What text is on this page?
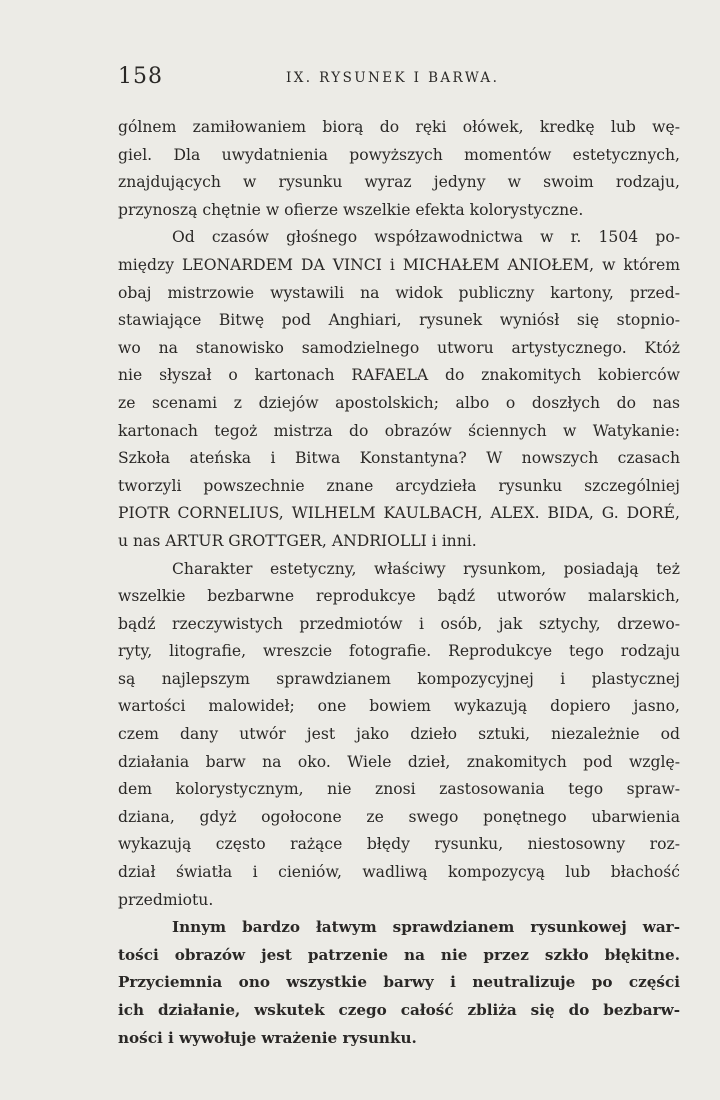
158	IX. RYSUNEK I BARWA.
gólnem zamiłowaniem biorą do ręki ołówek, kredkę lub wę-
giel. Dla uwydatnienia powyższych momentów estetycznych,
znajdujących w rysunku wyraz jedyny w swoim rodzaju,
przynoszą chętnie w ofierze wszelkie efekta kolorystyczne.
Od czasów głośnego współzawodnictwa w r. 1504 po-
między LEONARDEM DA VINCI i MICHAŁEM ANIOŁEM, w którem
obaj mistrzowie wystawili na widok publiczny kartony, przed-
stawiające Bitwę pod Anghiari, rysunek wyniósł się stopnio-
wo na stanowisko samodzielnego utworu artystycznego. Któż
nie słyszał o kartonach RAFAELA do znakomitych kobierców
ze scenami z dziejów apostolskich; albo o doszłych do nas
kartonach tegoż mistrza do obrazów ściennych w Watykanie:
Szkoła ateńska i Bitwa Konstantyna? W nowszych czasach
tworzyli powszechnie znane arcydzieła rysunku szczególniej
PIOTR CORNELIUS, WILHELM KAULBACH, ALEX. BIDA, G. DORÉ,
u nas ARTUR GROTTGER, ANDRIOLLI i inni.
Charakter estetyczny, właściwy rysunkom, posiadają też
wszelkie bezbarwne reprodukcye bądź utworów malarskich,
bądź rzeczywistych przedmiotów i osób, jak sztychy, drzewo-
ryty, litografie, wreszcie fotografie. Reprodukcye tego rodzaju
są najlepszym sprawdzianem kompozycyjnej i plastycznej
wartości malowideł; one bowiem wykazują dopiero jasno,
czem dany utwór jest jako dzieło sztuki, niezależnie od
działania barw na oko. Wiele dzieł, znakomitych pod wzglę-
dem kolorystycznym, nie znosi zastosowania tego spraw-
dziana, gdyż ogołocone ze swego ponętnego ubarwienia
wykazują często rażące błędy rysunku, niestosowny roz-
dział światła i cieniów, wadliwą kompozycyą lub błachość
przedmiotu.
Innym bardzo łatwym sprawdzianem rysunkowej war-
tości obrazów jest patrzenie na nie przez szkło błękitne.
Przyciemnia ono wszystkie barwy i neutralizuje po części
ich działanie, wskutek czego całość zbliża się do bezbarw-
ności i wywołuje wrażenie rysunku.
